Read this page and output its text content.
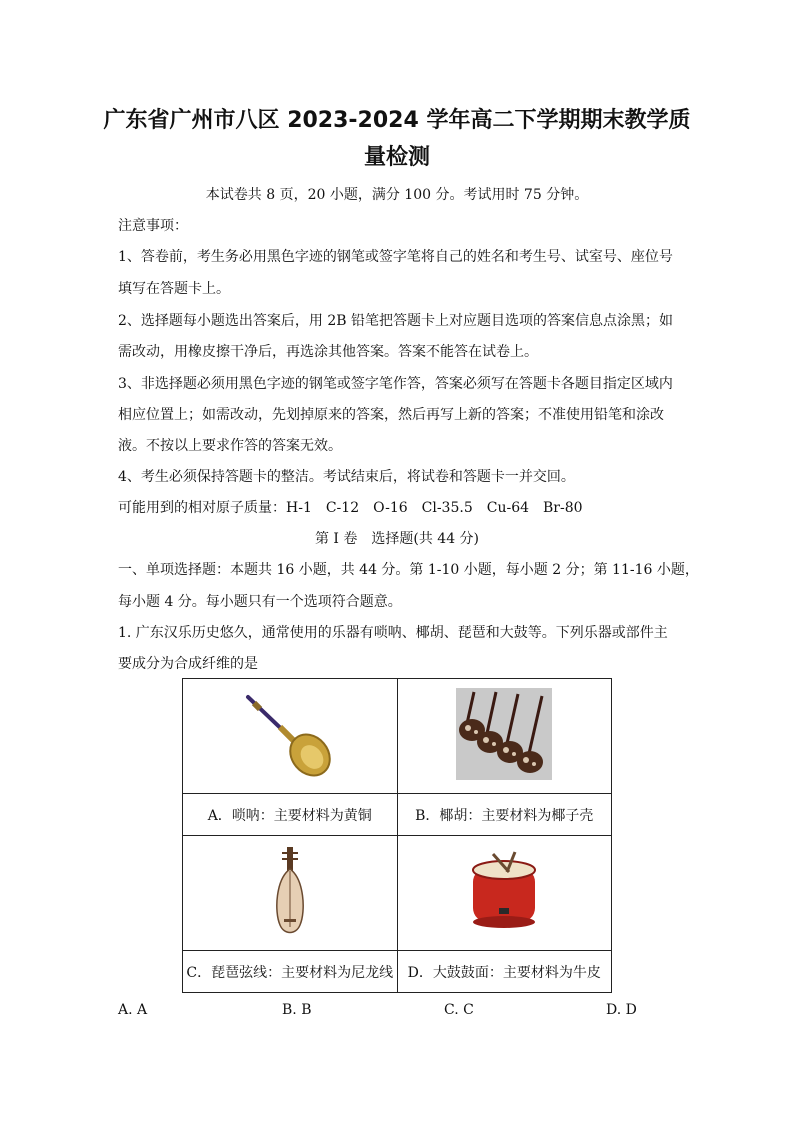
广东省广州市八区 2023-2024 学年高二下学期期末教学质
量检测
本试卷共 8 页，20 小题，满分 100 分。考试用时 75 分钟。
注意事项：
1、答卷前，考生务必用黑色字迹的钢笔或签字笔将自己的姓名和考生号、试室号、座位号
填写在答题卡上。
2、选择题每小题选出答案后，用 2B 铅笔把答题卡上对应题目选项的答案信息点涂黑；如
需改动，用橡皮擦干净后，再选涂其他答案。答案不能答在试卷上。
3、非选择题必须用黑色字迹的钢笔或签字笔作答，答案必须写在答题卡各题目指定区域内
相应位置上；如需改动，先划掉原来的答案，然后再写上新的答案；不准使用铅笔和涂改
液。不按以上要求作答的答案无效。
4、考生必须保持答题卡的整洁。考试结束后，将试卷和答题卡一并交回。
可能用到的相对原子质量：H-1　C-12　O-16　Cl-35.5　Cu-64　Br-80
第 I 卷　选择题(共 44 分)
一、单项选择题：本题共 16 小题，共 44 分。第 1-10 小题，每小题 2 分；第 11-16 小题，
每小题 4 分。每小题只有一个选项符合题意。
1. 广东汉乐历史悠久，通常使用的乐器有唢呐、椰胡、琵琶和大鼓等。下列乐器或部件主
要成分为合成纤维的是

A．唢呐：主要材料为黄铜	B．椰胡：主要材料为椰子壳

C．琵琶弦线：主要材料为尼龙线	D．大鼓鼓面：主要材料为牛皮
A. A	B. B	C. C	D. D
